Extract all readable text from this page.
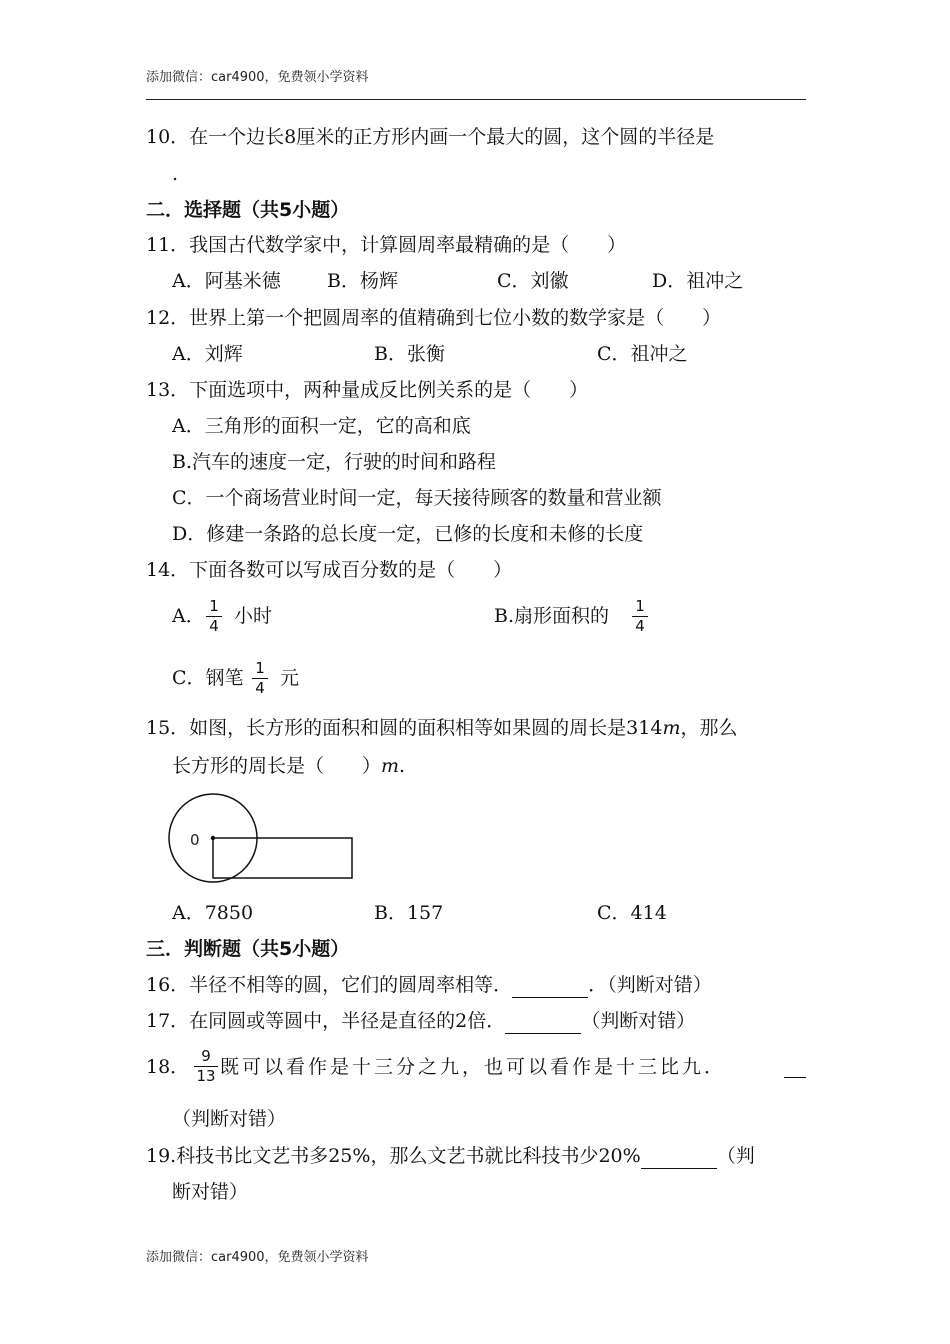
添加微信：car4900，免费领小学资料
10．在一个边长8厘米的正方形内画一个最大的圆，这个圆的半径是
.
二．选择题（共5小题）
11．我国古代数学家中，计算圆周率最精确的是（　　）
A．阿基米德 B．杨辉	C．刘徽	D．祖冲之
12．世界上第一个把圆周率的值精确到七位小数的数学家是（　　）
A．刘辉	B．张衡	C．祖冲之
13．下面选项中，两种量成反比例关系的是（　　）
A．三角形的面积一定，它的高和底
B.汽车的速度一定，行驶的时间和路程
C．一个商场营业时间一定，每天接待顾客的数量和营业额
D．修建一条路的总长度一定，已修的长度和未修的长度
14．下面各数可以写成百分数的是（　　）
A． 1
4 小时	B.扇形面积的 1
4
C．钢笔 1
4 元
15．如图，长方形的面积和圆的面积相等如果圆的周长是314m，那么
长方形的周长是（　　）m.
0
A．7850	B．157	C．414
三．判断题（共5小题）
16．半径不相等的圆，它们的圆周率相等．	．（判断对错）
17．在同圆或等圆中，半径是直径的2倍．	（判断对错）
18． 9
13 既可以看作是十三分之九，也可以看作是十三比九．
（判断对错）
19.科技书比文艺书多25%，那么文艺书就比科技书少20%	（判
断对错）
添加微信：car4900，免费领小学资料
